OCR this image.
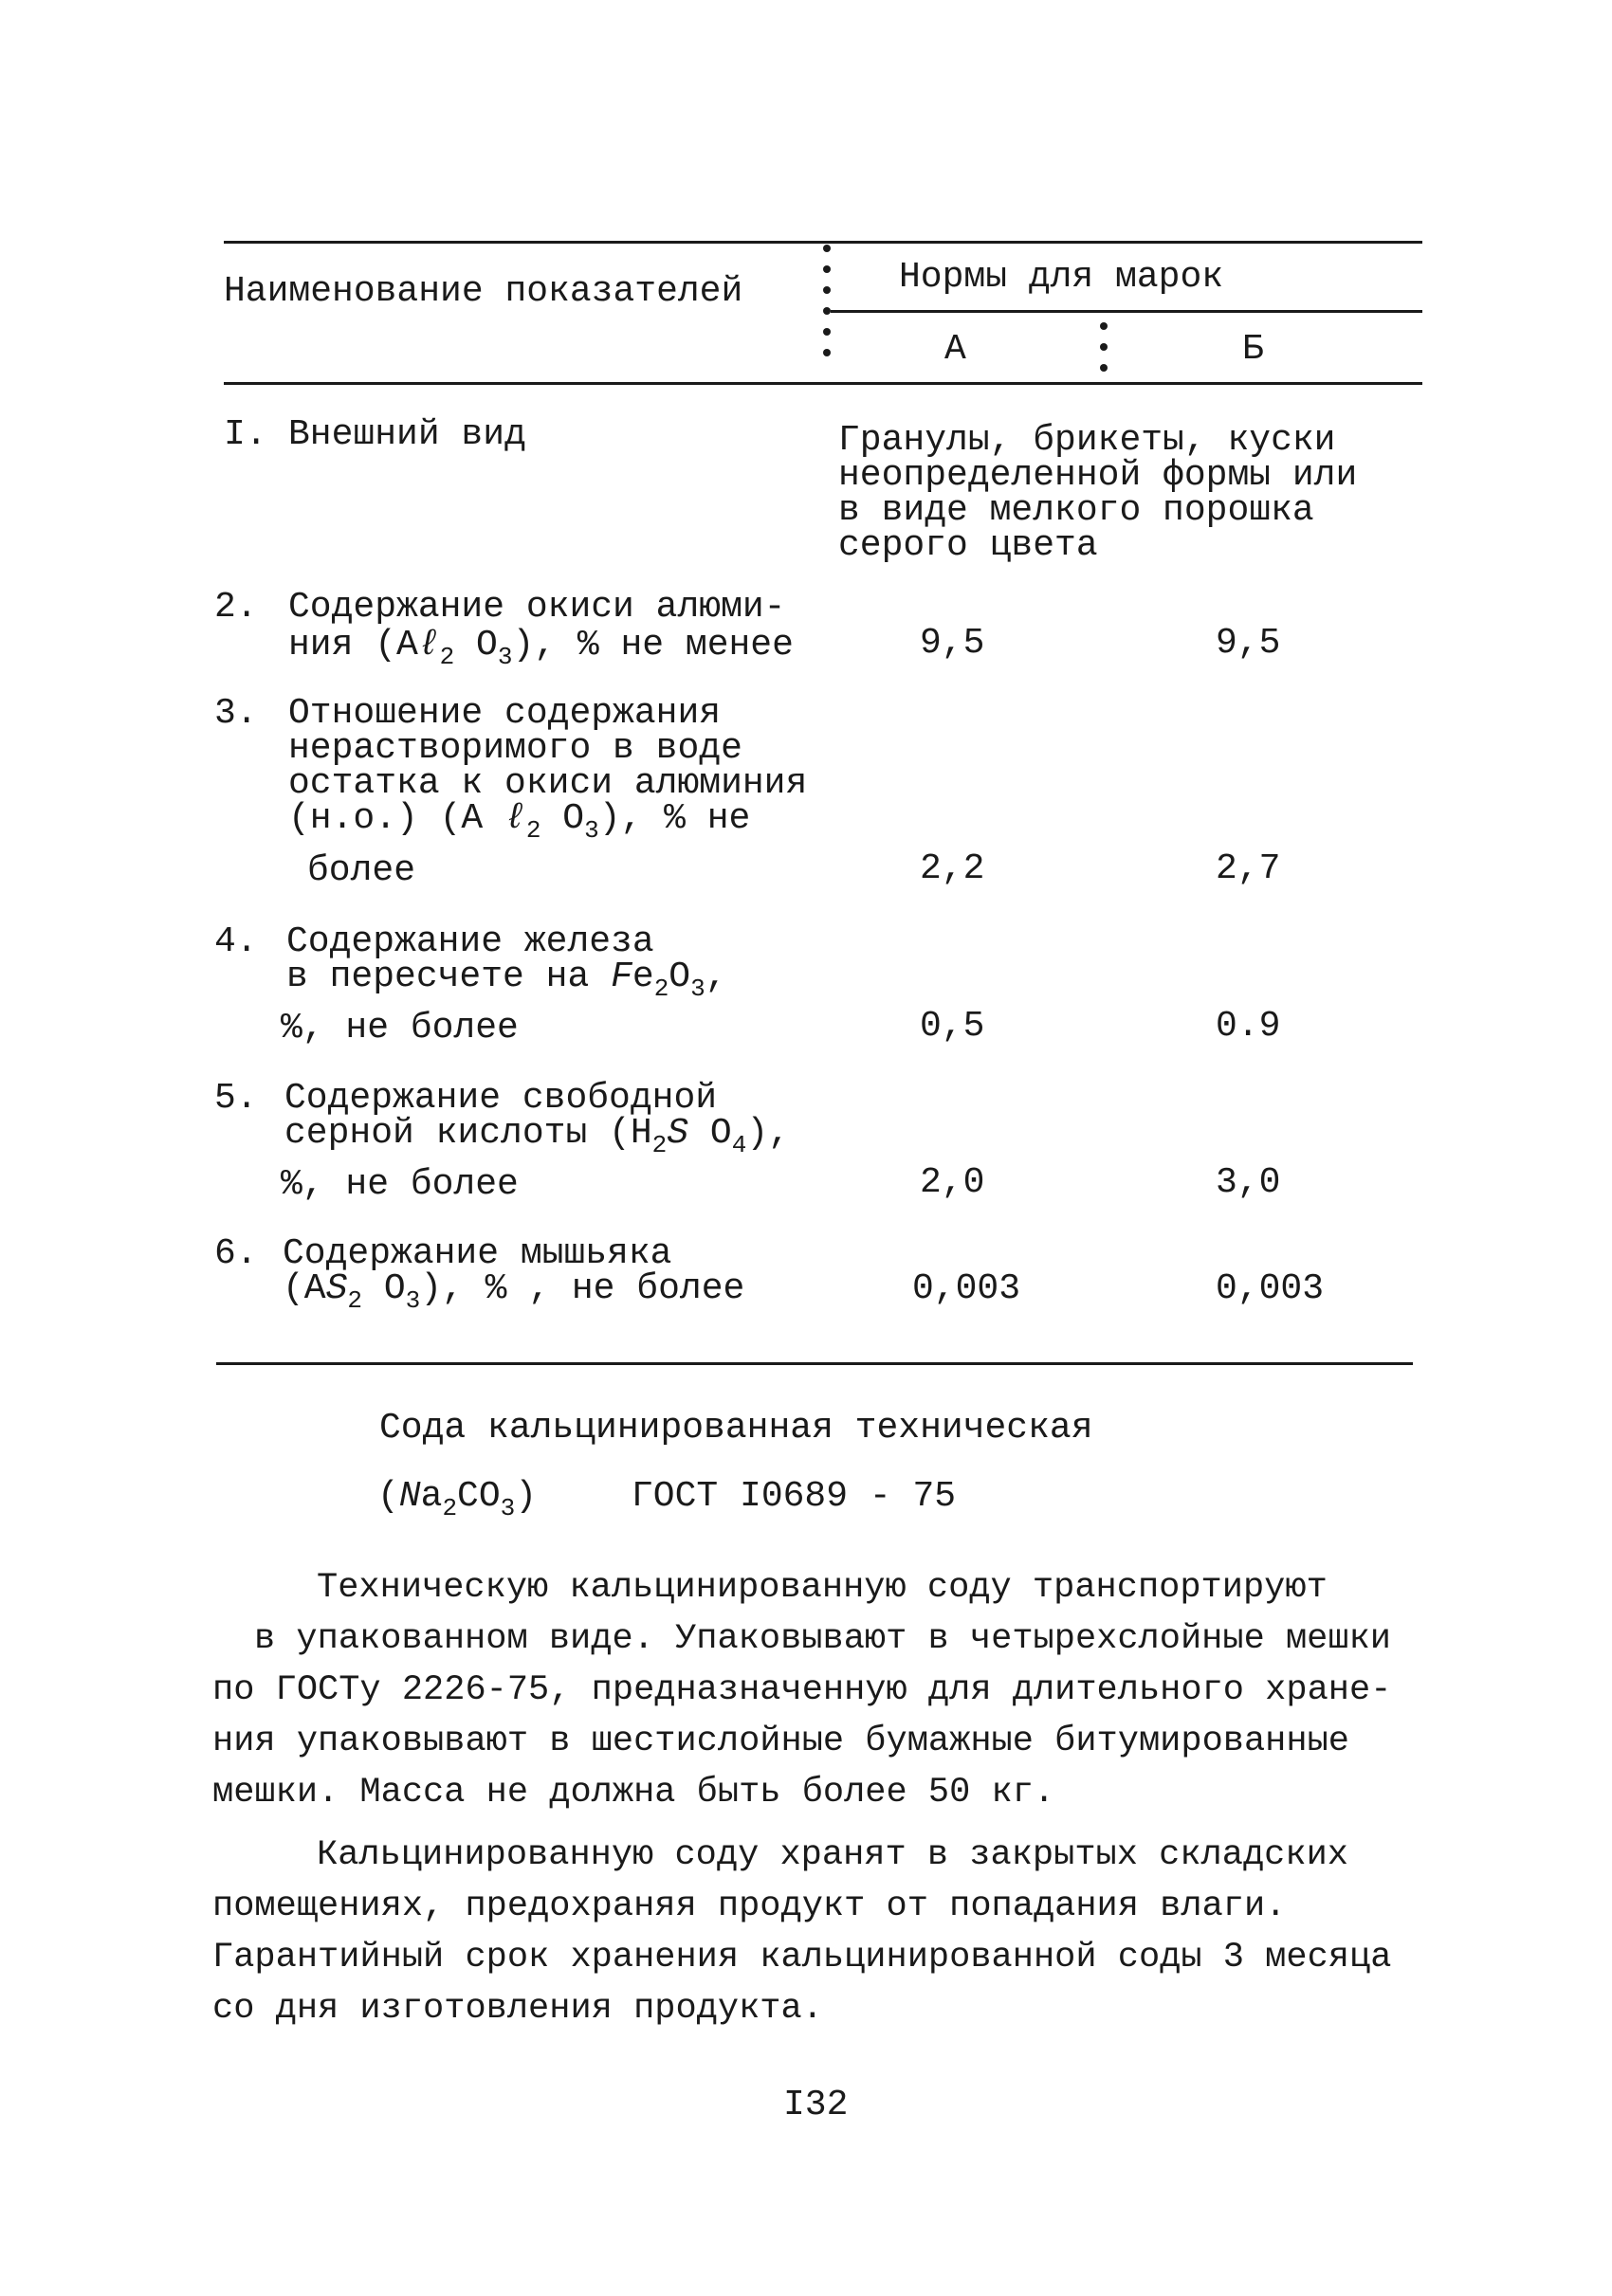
Наименование показателей	Нормы для марок
А	Б
I. Внешний вид	Гранулы, брикеты, куски
неопределенной формы или
в виде мелкого порошка
серого цвета
2. Содержание окиси алюми-
ния (Аℓ$_2$ $O_3$), % не менее	9,5	9,5
3. Отношение содержания
нерастворимого в воде
остатка к окиси алюминия
(н.о.) (А ℓ$_2$ $O_3$), % не
более	2,2	2,7
4. Содержание железа
в пересчете на $Fe_2O_3$,
%, не более	0,5	0.9
5. Содержание свободной
серной кислоты ($H_2S$ $O_4$),
%, не более	2,0	3,0
6. Содержание мышьяка
($АS_2$ $O_3$), % , не более	0,003	0,003
Сода кальцинированная техническая
$(Na_2CO_3)$	ГОСТ I0689 - 75
Техническую кальцинированную соду транспортируют
в упакованном виде. Упаковывают в четырехслойные мешки
по ГОСТу 2226-75, предназначенную для длительного хране-
ния упаковывают в шестислойные бумажные битумированные
мешки. Масса не должна быть более 50 кг.
Кальцинированную соду хранят в закрытых складских
помещениях, предохраняя продукт от попадания влаги.
Гарантийный срок хранения кальцинированной соды 3 месяца
со дня изготовления продукта.
I32
